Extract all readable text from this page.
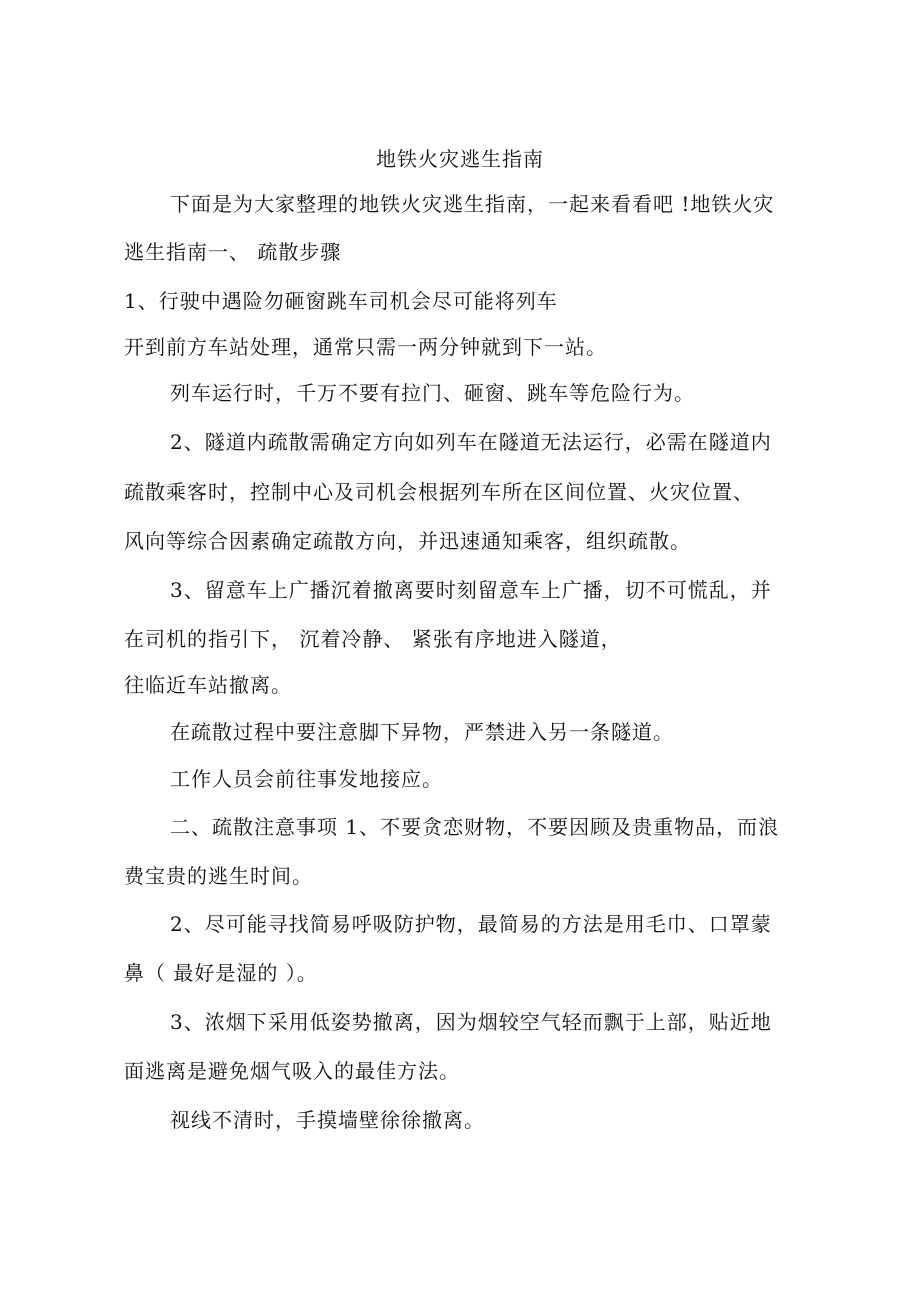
地铁火灾逃生指南
下面是为大家整理的地铁火灾逃生指南，一起来看看吧 !地铁火灾
逃生指南一、 疏散步骤
1、行驶中遇险勿砸窗跳车司机会尽可能将列车
开到前方车站处理，通常只需一两分钟就到下一站。
列车运行时，千万不要有拉门、砸窗、跳车等危险行为。
2、隧道内疏散需确定方向如列车在隧道无法运行，必需在隧道内
疏散乘客时，控制中心及司机会根据列车所在区间位置、火灾位置、
风向等综合因素确定疏散方向，并迅速通知乘客，组织疏散。
3、留意车上广播沉着撤离要时刻留意车上广播，切不可慌乱，并
在司机的指引下， 沉着冷静、 紧张有序地进入隧道，
往临近车站撤离。
在疏散过程中要注意脚下异物，严禁进入另一条隧道。
工作人员会前往事发地接应。
二、疏散注意事项 1、不要贪恋财物，不要因顾及贵重物品，而浪
费宝贵的逃生时间。
2、尽可能寻找简易呼吸防护物，最简易的方法是用毛巾、口罩蒙
鼻（ 最好是湿的 ）。
3、浓烟下采用低姿势撤离，因为烟较空气轻而飘于上部，贴近地
面逃离是避免烟气吸入的最佳方法。
视线不清时，手摸墙壁徐徐撤离。
